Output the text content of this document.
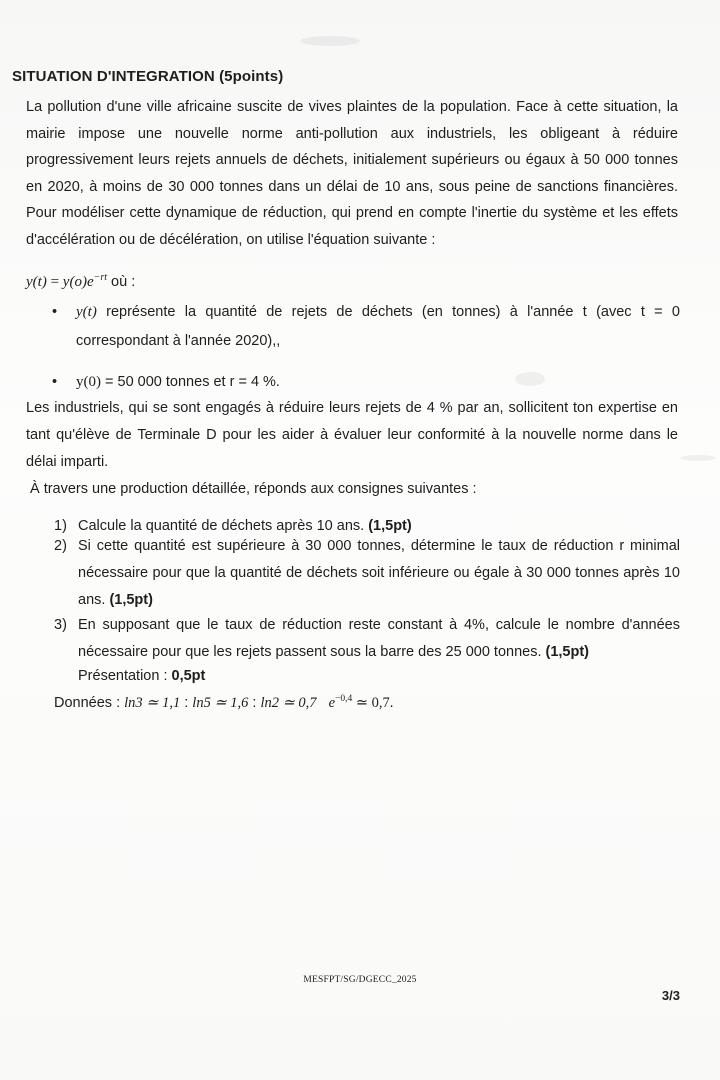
SITUATION D'INTEGRATION (5points)
La pollution d'une ville africaine suscite de vives plaintes de la population. Face à cette situation, la mairie impose une nouvelle norme anti-pollution aux industriels, les obligeant à réduire progressivement leurs rejets annuels de déchets, initialement supérieurs ou égaux à 50 000 tonnes en 2020, à moins de 30 000 tonnes dans un délai de 10 ans, sous peine de sanctions financières. Pour modéliser cette dynamique de réduction, qui prend en compte l'inertie du système et les effets d'accélération ou de décélération, on utilise l'équation suivante :
$y(t) = y(o)e^{-rt}$ où :
• y(t) représente la quantité de rejets de déchets (en tonnes) à l'année t (avec t = 0 correspondant à l'année 2020),,
• y(0) = 50 000 tonnes et r = 4 %.
Les industriels, qui se sont engagés à réduire leurs rejets de 4 % par an, sollicitent ton expertise en tant qu'élève de Terminale D pour les aider à évaluer leur conformité à la nouvelle norme dans le délai imparti.
À travers une production détaillée, réponds aux consignes suivantes :
1) Calcule la quantité de déchets après 10 ans. (1,5pt)
2) Si cette quantité est supérieure à 30 000 tonnes, détermine le taux de réduction r minimal nécessaire pour que la quantité de déchets soit inférieure ou égale à 30 000 tonnes après 10 ans. (1,5pt)
3) En supposant que le taux de réduction reste constant à 4%, calcule le nombre d'années nécessaire pour que les rejets passent sous la barre des 25 000 tonnes. (1,5pt)
Présentation : 0,5pt
Données : ln3 ≃ 1,1 : ln5 ≃ 1,6 : ln2 ≃ 0,7 $e^{-0,4}$ ≃ 0,7.
MESFPT/SG/DGECC_2025
3/3
